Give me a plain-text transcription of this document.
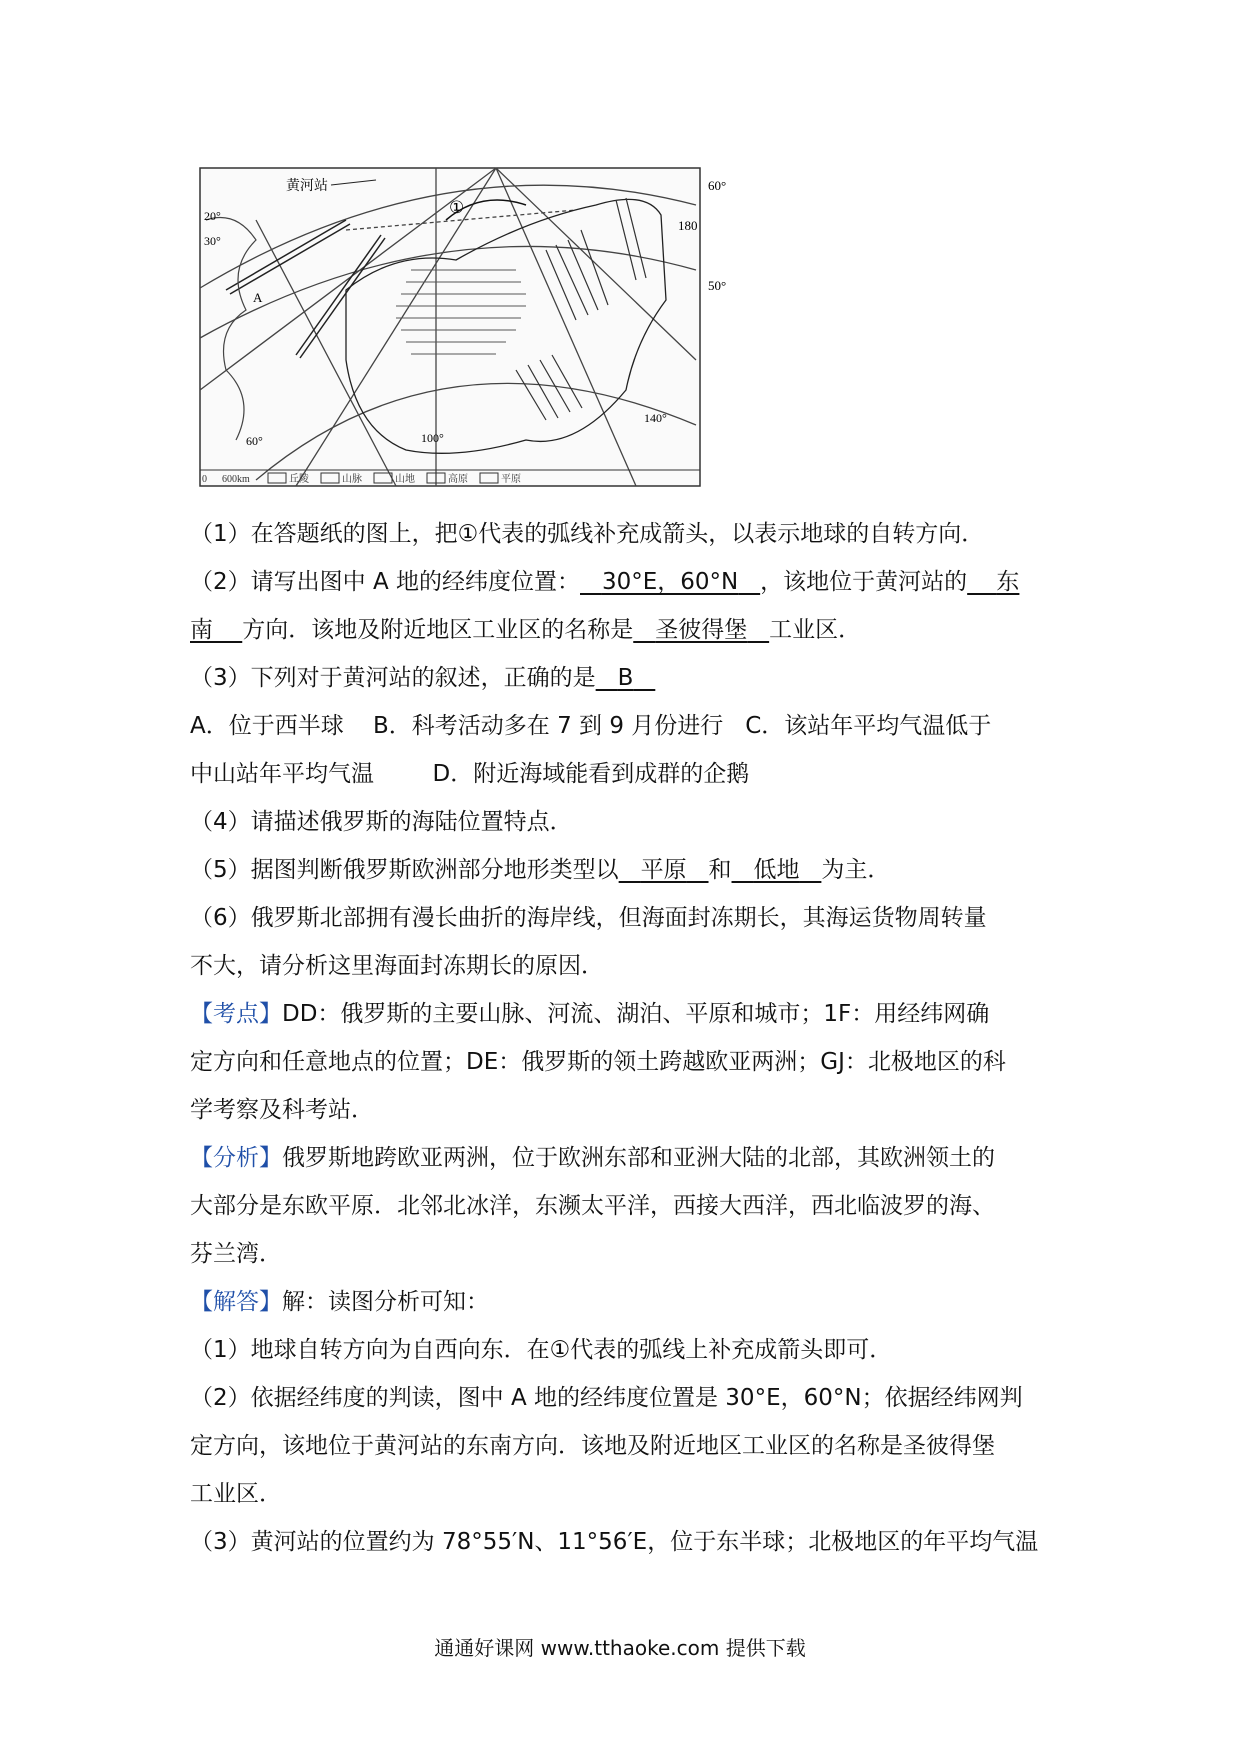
黄河站
①
A
60°
180
50°
20°
30°
60°	100°
140°
0 600km	丘陵	山脉	山地	高原	平原
（1）在答题纸的图上，把①代表的弧线补充成箭头，以表示地球的自转方向．
（2）请写出图中 A 地的经纬度位置： 30°E，60°N ，该地位于黄河站的 东
南 方向．该地及附近地区工业区的名称是 圣彼得堡 工业区．
（3）下列对于黄河站的叙述，正确的是 B
A．位于西半球 B．科考活动多在 7 到 9 月份进行 C．该站年平均气温低于
中山站年平均气温	D．附近海域能看到成群的企鹅
（4）请描述俄罗斯的海陆位置特点．
（5）据图判断俄罗斯欧洲部分地形类型以 平原 和 低地 为主．
（6）俄罗斯北部拥有漫长曲折的海岸线，但海面封冻期长，其海运货物周转量
不大，请分析这里海面封冻期长的原因．
【考点】DD：俄罗斯的主要山脉、河流、湖泊、平原和城市；1F：用经纬网确
定方向和任意地点的位置；DE：俄罗斯的领土跨越欧亚两洲；GJ：北极地区的科
学考察及科考站．
【分析】俄罗斯地跨欧亚两洲，位于欧洲东部和亚洲大陆的北部，其欧洲领土的
大部分是东欧平原．北邻北冰洋，东濒太平洋，西接大西洋，西北临波罗的海、
芬兰湾．
【解答】解：读图分析可知：
（1）地球自转方向为自西向东．在①代表的弧线上补充成箭头即可．
（2）依据经纬度的判读，图中 A 地的经纬度位置是 30°E，60°N；依据经纬网判
定方向，该地位于黄河站的东南方向．该地及附近地区工业区的名称是圣彼得堡
工业区．
（3）黄河站的位置约为 78°55′N、11°56′E，位于东半球；北极地区的年平均气温
通通好课网 www.tthaoke.com 提供下载
